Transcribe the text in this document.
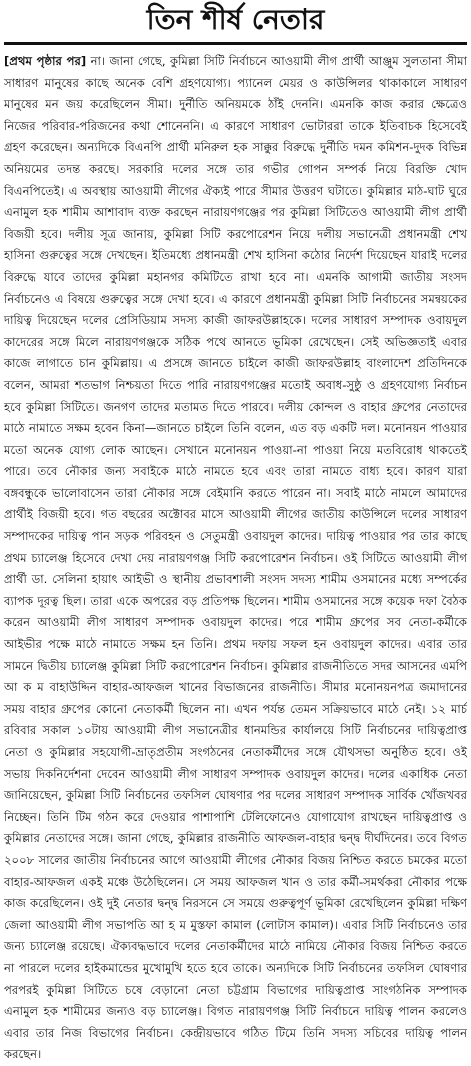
তিন শীর্ষ নেতার
[প্রথম পৃষ্ঠার পর] না। জানা গেছে, কুমিল্লা সিটি নির্বাচনে আওয়ামী লীগ প্রার্থী আঞ্জুম সুলতানা সীমা সাধারণ মানুষের কাছে অনেক বেশি গ্রহণযোগ্য। প্যানেল মেয়র ও কাউন্সিলর থাকাকালে সাধারণ মানুষের মন জয় করেছিলেন সীমা। দুর্নীতি অনিয়মকে ঠাঁই দেননি। এমনকি কাজ করার ক্ষেত্রেও নিজের পরিবার-পরিজনের কথা শোনেননি। এ কারণে সাধারণ ভোটাররা তাকে ইতিবাচক হিসেবেই গ্রহণ করেছেন। অন্যদিকে বিএনপি প্রার্থী মনিরুল হক সাক্কুর বিরুদ্ধে দুর্নীতি দমন কমিশন-দুদক বিভিন্ন অনিয়মের তদন্ত করছে। সরকারি দলের সঙ্গে তার গভীর গোপন সম্পর্ক নিয়ে বিরক্তি খোদ বিএনপিতেই। এ অবস্থায় আওয়ামী লীগের ঐক্যই পারে সীমার উত্তরণ ঘটাতে। কুমিল্লার মাঠ-ঘাট ঘুরে এনামুল হক শামীম আশাবাদ ব্যক্ত করছেন নারায়ণগঞ্জের পর কুমিল্লা সিটিতেও আওয়ামী লীগ প্রার্থী বিজয়ী হবে। দলীয় সূত্র জানায়, কুমিল্লা সিটি করপোরেশন নিয়ে দলীয় সভানেত্রী প্রধানমন্ত্রী শেখ হাসিনা গুরুত্বের সঙ্গে দেখছেন। ইতিমধ্যে প্রধানমন্ত্রী শেখ হাসিনা কঠোর নির্দেশ দিয়েছেন যারাই দলের বিরুদ্ধে যাবে তাদের কুমিল্লা মহানগর কমিটিতে রাখা হবে না। এমনকি আগামী জাতীয় সংসদ নির্বাচনেও এ বিষয়ে গুরুত্বের সঙ্গে দেখা হবে। এ কারণে প্রধানমন্ত্রী কুমিল্লা সিটি নির্বাচনের সমন্বয়কের দায়িত্ব দিয়েছেন দলের প্রেসিডিয়াম সদস্য কাজী জাফরউল্লাহকে। দলের সাধারণ সম্পাদক ওবায়দুল কাদেরের সঙ্গে মিলে নারায়ণগঞ্জকে সঠিক পথে আনতে ভূমিকা রেখেছেন। সেই অভিজ্ঞতাই এবার কাজে লাগাতে চান কুমিল্লায়। এ প্রসঙ্গে জানতে চাইলে কাজী জাফরউল্লাহ বাংলাদেশ প্রতিদিনকে বলেন, আমরা শতভাগ নিশ্চয়তা দিতে পারি নারায়ণগঞ্জের মতোই অবাধ-সুষ্ঠু ও গ্রহণযোগ্য নির্বাচন হবে কুমিল্লা সিটিতে। জনগণ তাদের মতামত দিতে পারবে। দলীয় কোন্দল ও বাহার গ্রুপের নেতাদের মাঠে নামাতে সক্ষম হবেন কিনা—জানতে চাইলে তিনি বলেন, এত বড় একটি দল। মনোনয়ন পাওয়ার মতো অনেক যোগ্য লোক আছেন। সেখানে মনোনয়ন পাওয়া-না পাওয়া নিয়ে মতবিরোধ থাকতেই পারে। তবে নৌকার জন্য সবাইকে মাঠে নামতে হবে এবং তারা নামতে বাধ্য হবে। কারণ যারা বঙ্গবন্ধুকে ভালোবাসেন তারা নৌকার সঙ্গে বেইমানি করতে পারেন না। সবাই মাঠে নামলে আমাদের প্রার্থীই বিজয়ী হবে। গত বছরের অক্টোবর মাসে আওয়ামী লীগের জাতীয় কাউন্সিলে দলের সাধারণ সম্পাদকের দায়িত্ব পান সড়ক পরিবহন ও সেতুমন্ত্রী ওবায়দুল কাদের। দায়িত্ব পাওয়ার পর তার কাছে প্রথম চ্যালেঞ্জ হিসেবে দেখা দেয় নারায়ণগঞ্জ সিটি করপোরেশন নির্বাচন। ওই সিটিতে আওয়ামী লীগ প্রার্থী ডা. সেলিনা হায়াৎ আইভী ও স্থানীয় প্রভাবশালী সংসদ সদস্য শামীম ওসমানের মধ্যে সম্পর্কের ব্যাপক দূরত্ব ছিল। তারা একে অপরের বড় প্রতিপক্ষ ছিলেন। শামীম ওসমানের সঙ্গে কয়েক দফা বৈঠক করেন আওয়ামী লীগ সাধারণ সম্পাদক ওবায়দুল কাদের। পরে শামীম গ্রুপের সব নেতা-কর্মীকে আইভীর পক্ষে মাঠে নামাতে সক্ষম হন তিনি। প্রথম দফায় সফল হন ওবায়দুল কাদের। এবার তার সামনে দ্বিতীয় চ্যালেঞ্জ কুমিল্লা সিটি করপোরেশন নির্বাচন। কুমিল্লার রাজনীতিতে সদর আসনের এমপি আ ক ম বাহাউদ্দিন বাহার-আফজল খানের বিভাজনের রাজনীতি। সীমার মনোনয়নপত্র জমাদানের সময় বাহার গ্রুপের কোনো নেতাকর্মী ছিলেন না। এখন পর্যন্ত তেমন সক্রিয়ভাবে মাঠে নেই। ১২ মার্চ রবিবার সকাল ১০টায় আওয়ামী লীগ সভানেত্রীর ধানমন্ডির কার্যালয়ে সিটি নির্বাচনের দায়িত্বপ্রাপ্ত নেতা ও কুমিল্লার সহযোগী-ভ্রাতৃপ্রতীম সংগঠনের নেতাকর্মীদের সঙ্গে যৌথসভা অনুষ্ঠিত হবে। ওই সভায় দিকনির্দেশনা দেবেন আওয়ামী লীগ সাধারণ সম্পাদক ওবায়দুল কাদের। দলের একাধিক নেতা জানিয়েছেন, কুমিল্লা সিটি নির্বাচনের তফসিল ঘোষণার পর দলের সাধারণ সম্পাদক সার্বিক খোঁজখবর নিচ্ছেন। তিনি টিম গঠন করে দেওয়ার পাশাপাশি টেলিফোনেও যোগাযোগ রাখছেন দায়িত্বপ্রাপ্ত ও কুমিল্লার নেতাদের সঙ্গে। জানা গেছে, কুমিল্লার রাজনীতি আফজল-বাহার দ্বন্দ্ব দীর্ঘদিনের। তবে বিগত ২০০৮ সালের জাতীয় নির্বাচনের আগে আওয়ামী লীগের নৌকার বিজয় নিশ্চিত করতে চমকের মতো বাহার-আফজল একই মঞ্চে উঠেছিলেন। সে সময় আফজল খান ও তার কর্মী-সমর্থকরা নৌকার পক্ষে কাজ করেছিলেন। ওই দুই নেতার দ্বন্দ্ব নিরসনে সে সময়ে গুরুত্বপূর্ণ ভূমিকা রেখেছিলেন কুমিল্লা দক্ষিণ জেলা আওয়ামী লীগ সভাপতি আ হ ম মুস্তফা কামাল (লোটাস কামাল)। এবার সিটি নির্বাচনেও তার জন্য চ্যালেঞ্জ রয়েছে। ঐক্যবদ্ধভাবে দলের নেতাকর্মীদের মাঠে নামিয়ে নৌকার বিজয় নিশ্চিত করতে না পারলে দলের হাইকমান্ডের মুখোমুখি হতে হবে তাকে। অন্যদিকে সিটি নির্বাচনের তফসিল ঘোষণার পরপরই কুমিল্লা সিটিতে চষে বেড়ানো নেতা চট্টগ্রাম বিভাগের দায়িত্বপ্রাপ্ত সাংগঠনিক সম্পাদক এনামুল হক শামীমের জন্যও বড় চ্যালেঞ্জ। বিগত নারায়ণগঞ্জ সিটি নির্বাচনে দায়িত্ব পালন করলেও এবার তার নিজ বিভাগের নির্বাচন। কেন্দ্রীয়ভাবে গঠিত টিমে তিনি সদস্য সচিবের দায়িত্ব পালন করছেন।
